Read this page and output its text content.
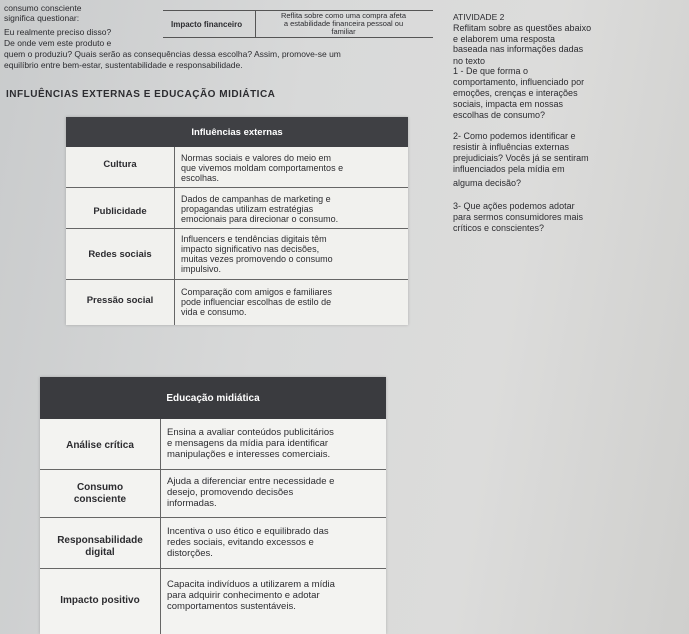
consumo consciente
significa questionar:
Eu realmente preciso disso?
De onde vem este produto e
quem o produziu? Quais serão as consequências dessa escolha? Assim, promove-se um
equilíbrio entre bem-estar, sustentabilidade e responsabilidade.
Impacto financeiro
Reflita sobre como uma compra afeta
a estabilidade financeira pessoal ou
familiar
ATIVIDADE 2
Reflitam sobre as questões abaixo
e elaborem uma resposta
baseada nas informações dadas
no texto
1 - De que forma o
comportamento, influenciado por
emoções, crenças e interações
sociais, impacta em nossas
escolhas de consumo?
2- Como podemos identificar e
resistir à influências externas
prejudiciais? Vocês já se sentiram
influenciados pela mídia em
alguma decisão?
3- Que ações podemos adotar
para sermos consumidores mais
críticos e conscientes?
INFLUÊNCIAS EXTERNAS E EDUCAÇÃO MIDIÁTICA
Influências externas
Cultura
Normas sociais e valores do meio em
que vivemos moldam comportamentos e
escolhas.
Publicidade
Dados de campanhas de marketing e
propagandas utilizam estratégias
emocionais para direcionar o consumo.
Redes sociais
Influencers e tendências digitais têm
impacto significativo nas decisões,
muitas vezes promovendo o consumo
impulsivo.
Pressão social
Comparação com amigos e familiares
pode influenciar escolhas de estilo de
vida e consumo.
Educação midiática
Análise crítica
Ensina a avaliar conteúdos publicitários
e mensagens da mídia para identificar
manipulações e interesses comerciais.
Consumo
consciente
Ajuda a diferenciar entre necessidade e
desejo, promovendo decisões
informadas.
Responsabilidade
digital
Incentiva o uso ético e equilibrado das
redes sociais, evitando excessos e
distorções.
Impacto positivo
Capacita indivíduos a utilizarem a mídia
para adquirir conhecimento e adotar
comportamentos sustentáveis.
